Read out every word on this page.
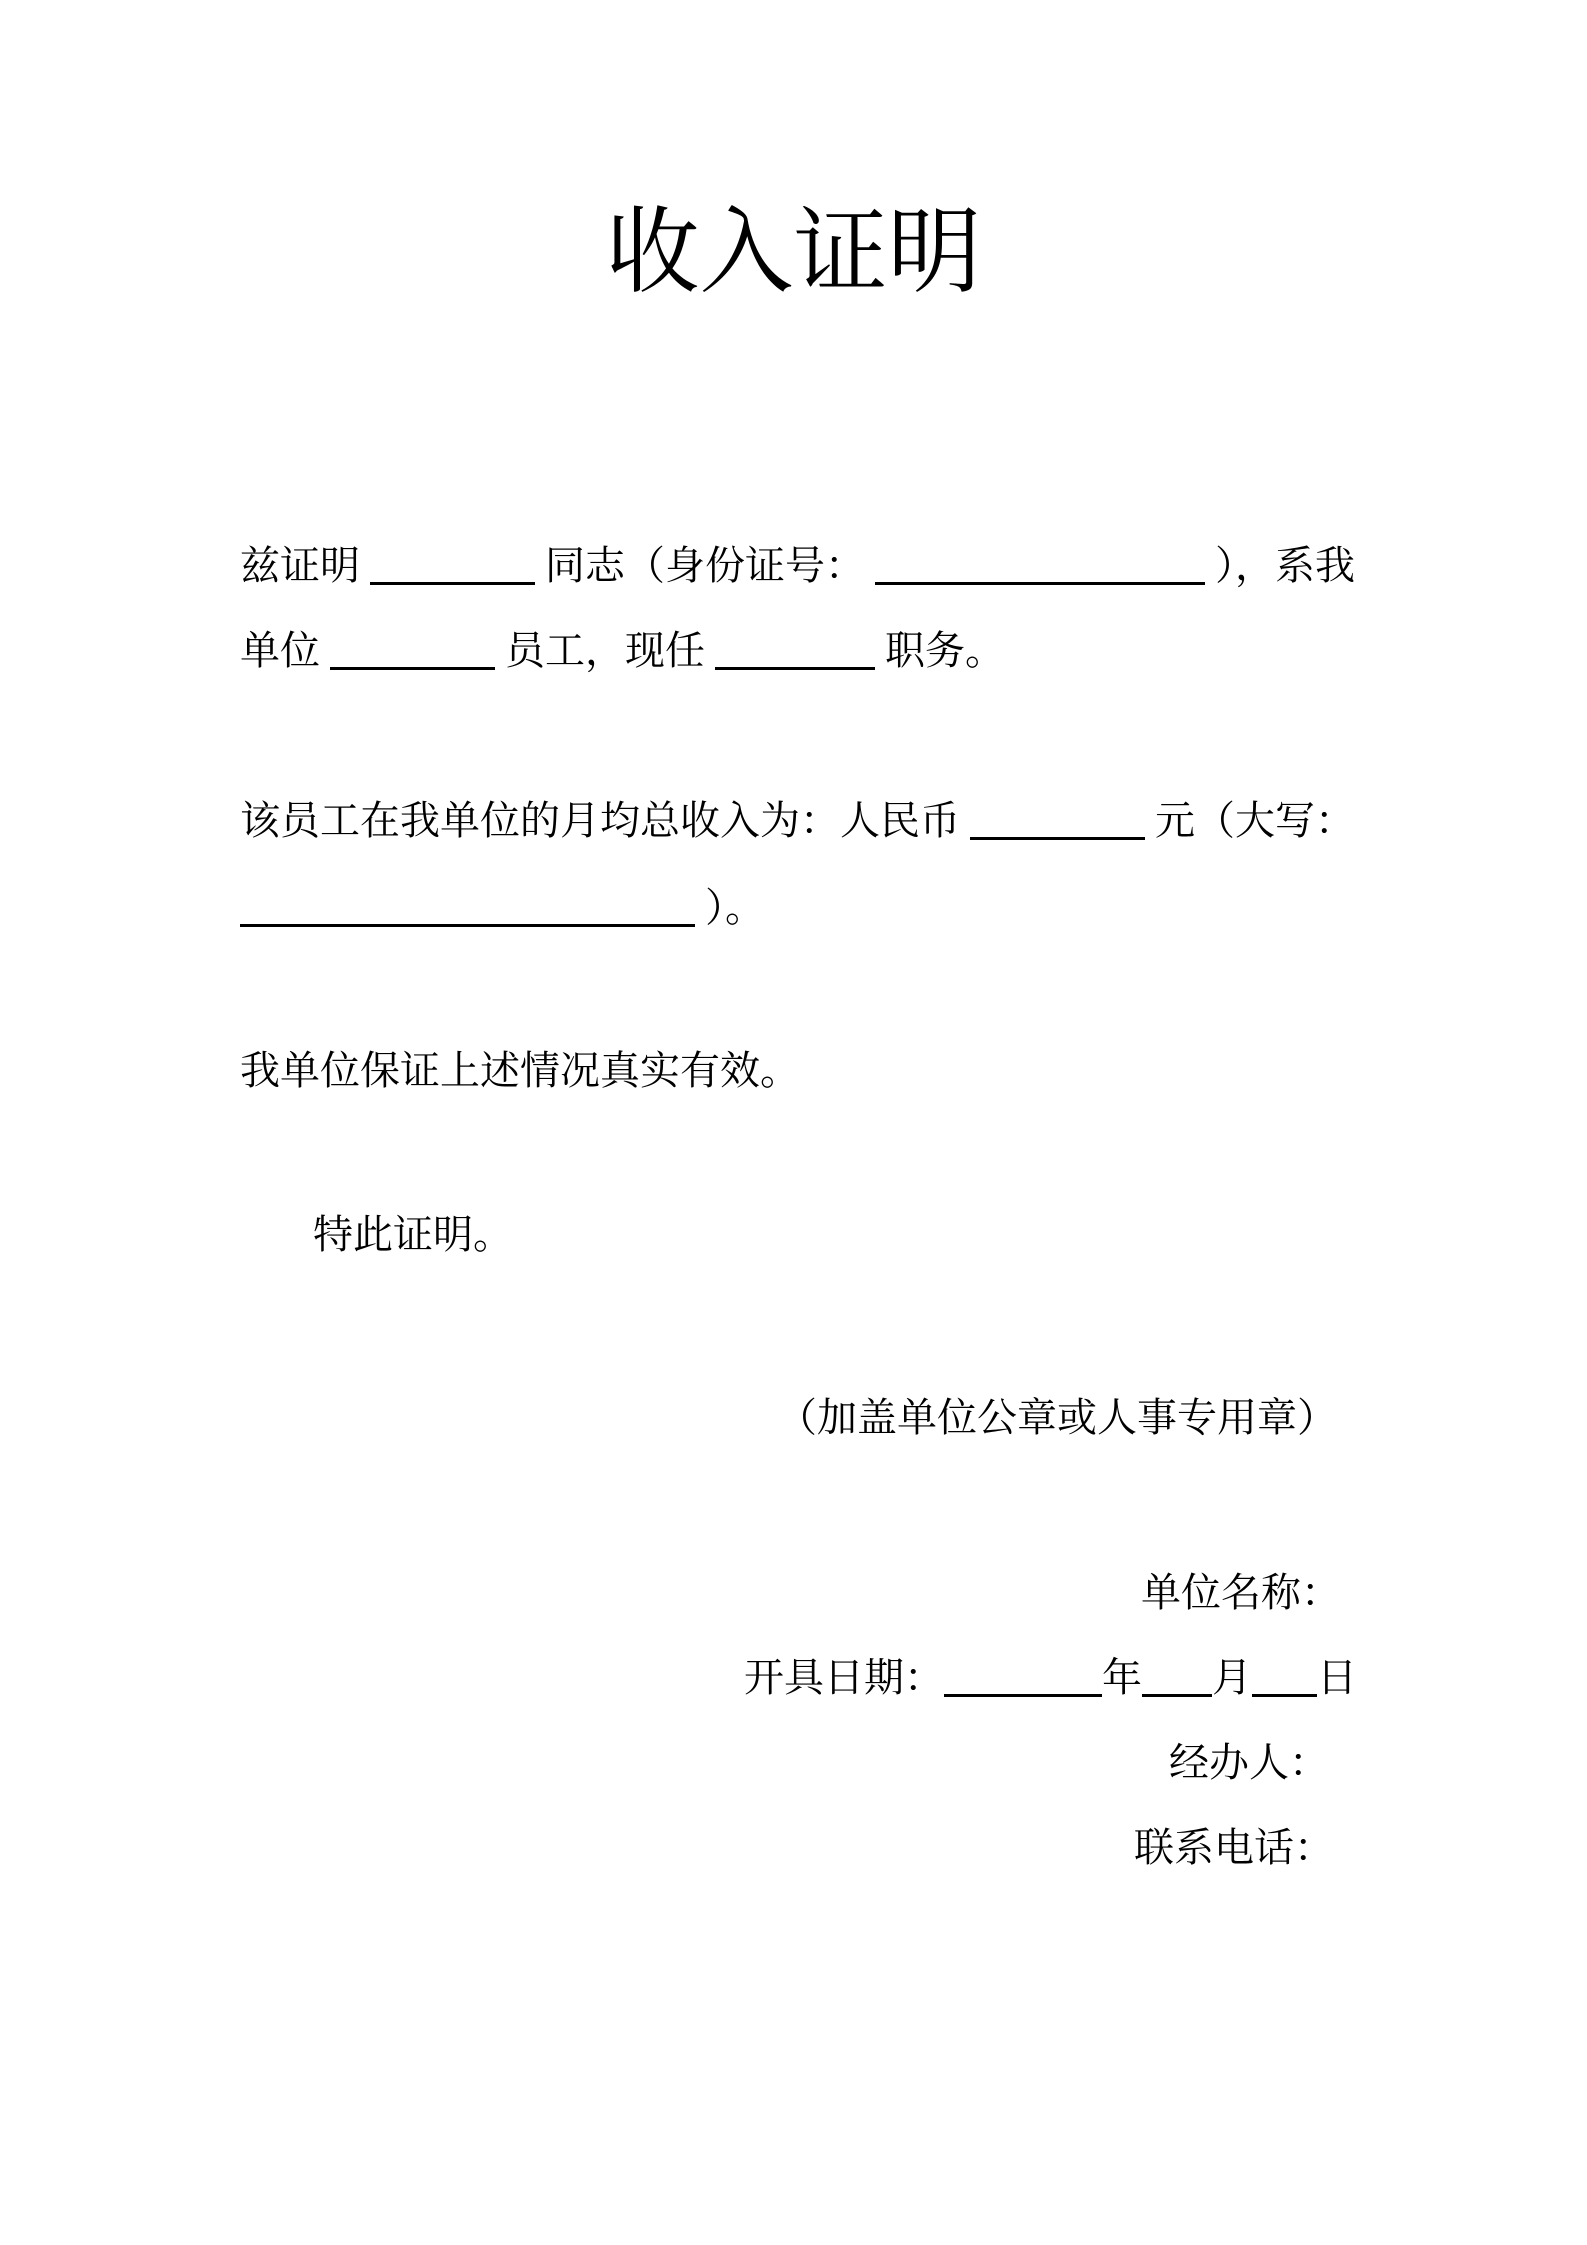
收入证明
兹证明	同志（身份证号：	），系我
单位	员工，现任	职务。
该员工在我单位的月均总收入为：人民币	元（大写：
）。
我单位保证上述情况真实有效。
特此证明。
（加盖单位公章或人事专用章）
单位名称：
开具日期：	年 月 日
经办人：
联系电话：
